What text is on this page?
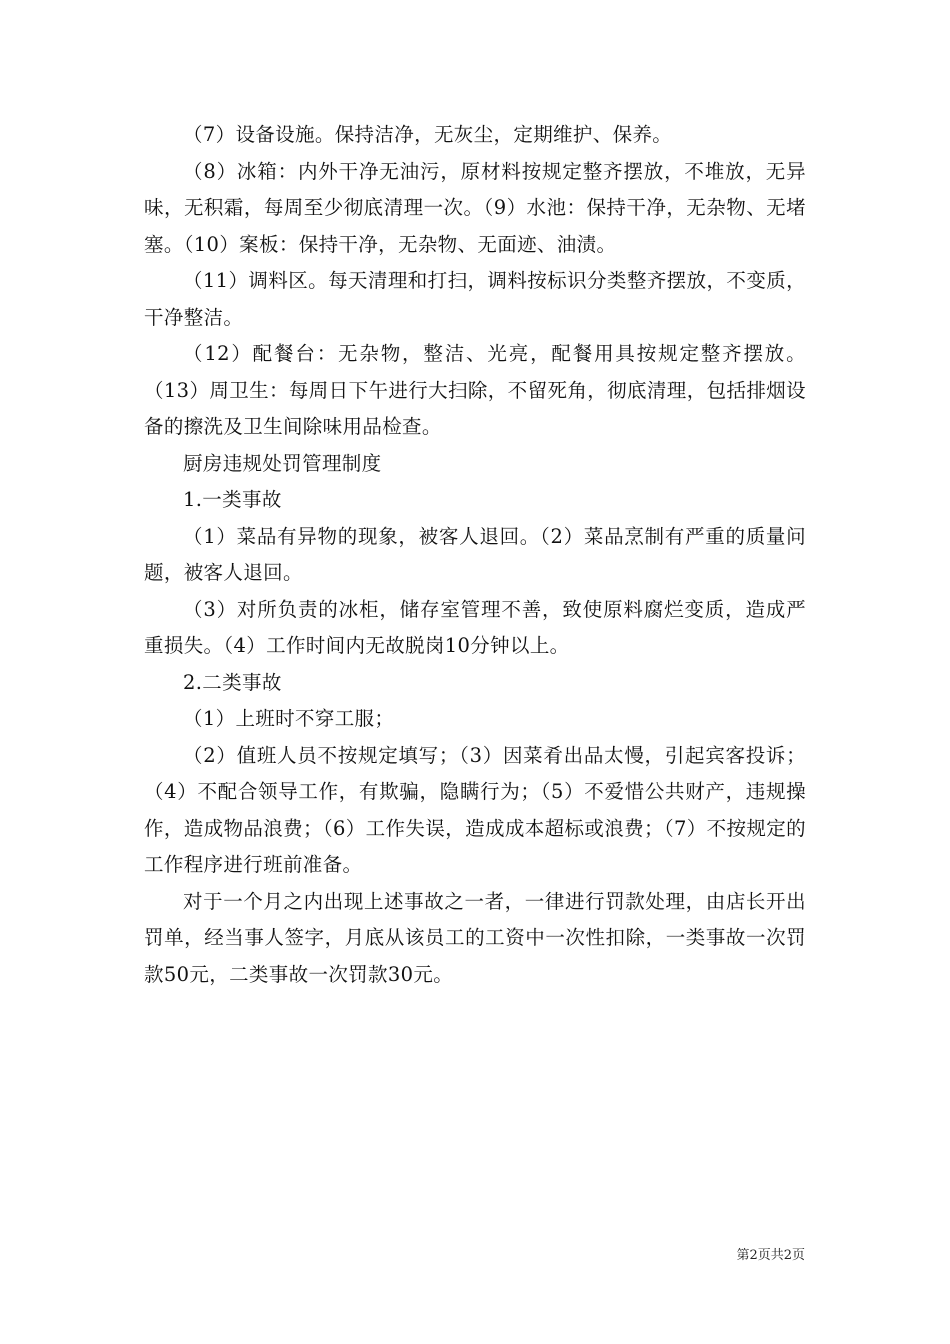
（7）设备设施。保持洁净，无灰尘，定期维护、保养。

（8）冰箱：内外干净无油污，原材料按规定整齐摆放，不堆放，无异味，无积霜，每周至少彻底清理一次。（9）水池：保持干净，无杂物、无堵塞。（10）案板：保持干净，无杂物、无面迹、油渍。

（11）调料区。每天清理和打扫，调料按标识分类整齐摆放，不变质，干净整洁。

（12）配餐台：无杂物，整洁、光亮，配餐用具按规定整齐摆放。（13）周卫生：每周日下午进行大扫除，不留死角，彻底清理，包括排烟设备的擦洗及卫生间除味用品检查。

厨房违规处罚管理制度

1.一类事故

（1）菜品有异物的现象，被客人退回。（2）菜品烹制有严重的质量问题，被客人退回。

（3）对所负责的冰柜，储存室管理不善，致使原料腐烂变质，造成严重损失。（4）工作时间内无故脱岗10分钟以上。

2.二类事故

（1）上班时不穿工服；

（2）值班人员不按规定填写；（3）因菜肴出品太慢，引起宾客投诉；（4）不配合领导工作，有欺骗，隐瞒行为；（5）不爱惜公共财产，违规操作，造成物品浪费；（6）工作失误，造成成本超标或浪费；（7）不按规定的工作程序进行班前准备。

对于一个月之内出现上述事故之一者，一律进行罚款处理，由店长开出罚单，经当事人签字，月底从该员工的工资中一次性扣除，一类事故一次罚款50元，二类事故一次罚款30元。

第2页共2页
